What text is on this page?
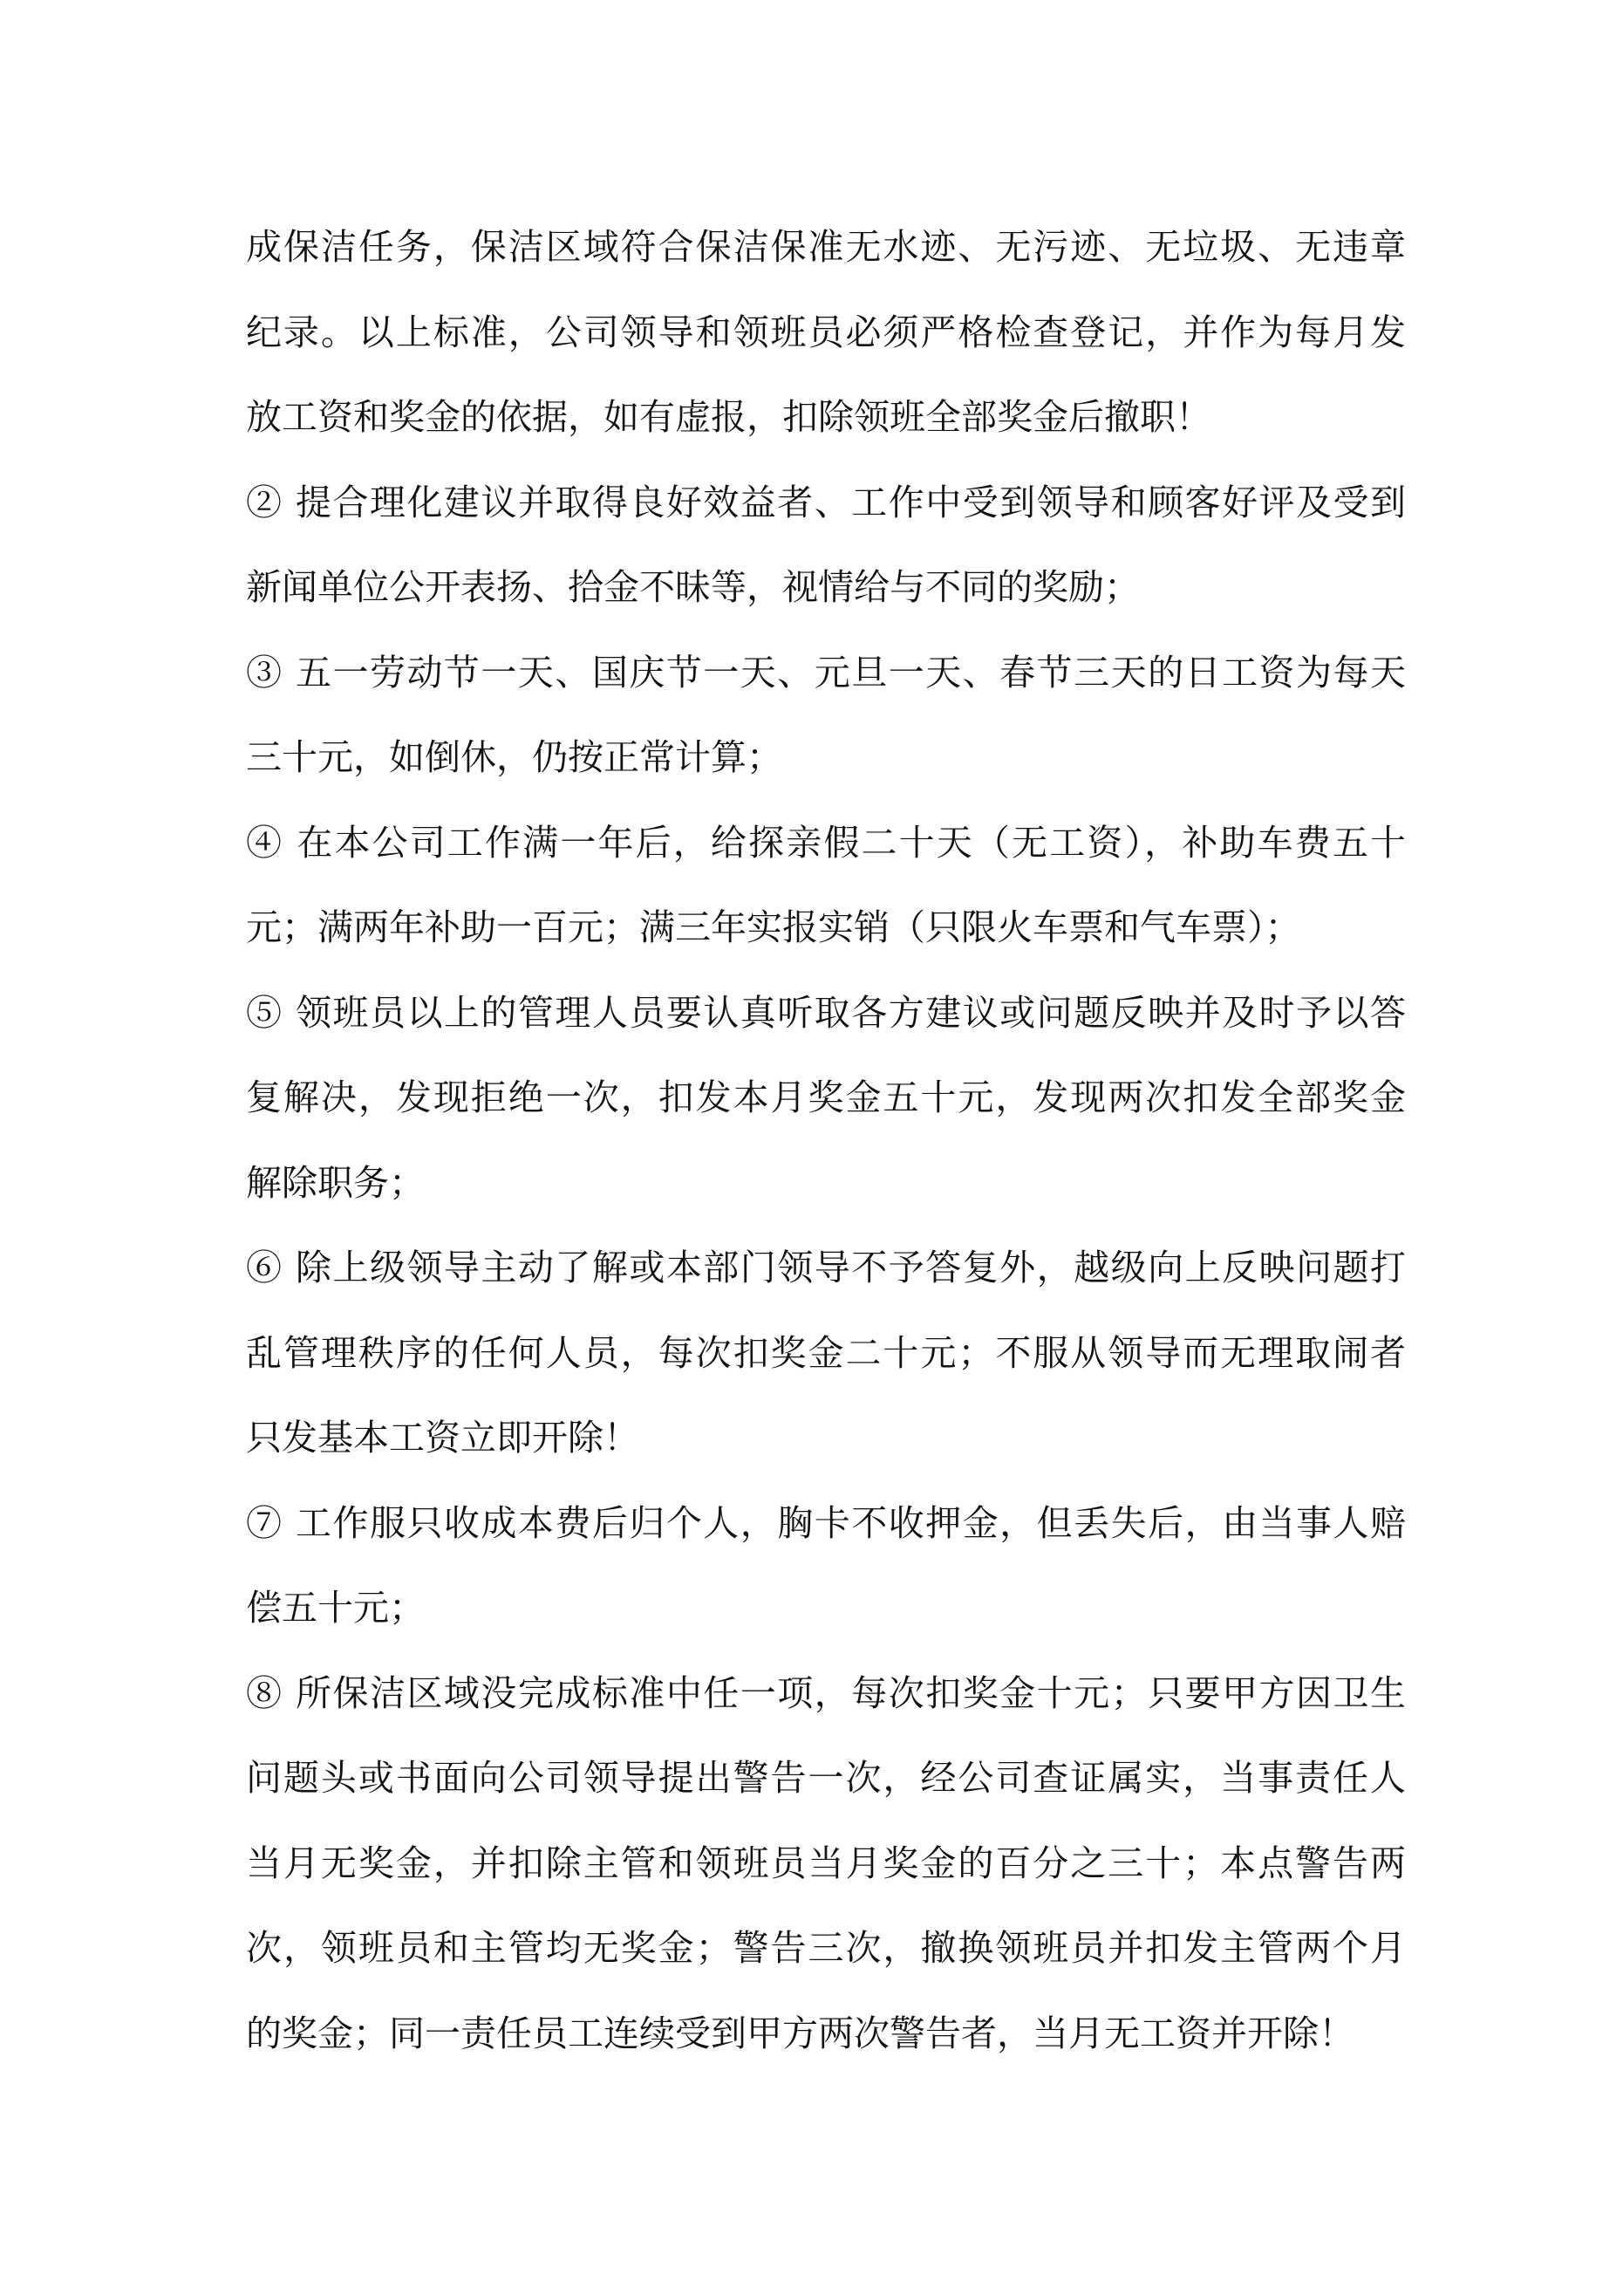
成保洁任务，保洁区域符合保洁保准无水迹、无污迹、无垃圾、无违章
纪录。以上标准，公司领导和领班员必须严格检查登记，并作为每月发
放工资和奖金的依据，如有虚报，扣除领班全部奖金后撤职！
② 提合理化建议并取得良好效益者、工作中受到领导和顾客好评及受到
新闻单位公开表扬、拾金不昧等，视情给与不同的奖励；
③ 五一劳动节一天、国庆节一天、元旦一天、春节三天的日工资为每天
三十元，如倒休，仍按正常计算；
④ 在本公司工作满一年后，给探亲假二十天（无工资），补助车费五十
元；满两年补助一百元；满三年实报实销（只限火车票和气车票）；
⑤ 领班员以上的管理人员要认真听取各方建议或问题反映并及时予以答
复解决，发现拒绝一次，扣发本月奖金五十元，发现两次扣发全部奖金
解除职务；
⑥ 除上级领导主动了解或本部门领导不予答复外，越级向上反映问题打
乱管理秩序的任何人员，每次扣奖金二十元；不服从领导而无理取闹者
只发基本工资立即开除！
⑦ 工作服只收成本费后归个人，胸卡不收押金，但丢失后，由当事人赔
偿五十元；
⑧ 所保洁区域没完成标准中任一项，每次扣奖金十元；只要甲方因卫生
问题头或书面向公司领导提出警告一次，经公司查证属实，当事责任人
当月无奖金，并扣除主管和领班员当月奖金的百分之三十；本点警告两
次，领班员和主管均无奖金；警告三次，撤换领班员并扣发主管两个月
的奖金；同一责任员工连续受到甲方两次警告者，当月无工资并开除！
